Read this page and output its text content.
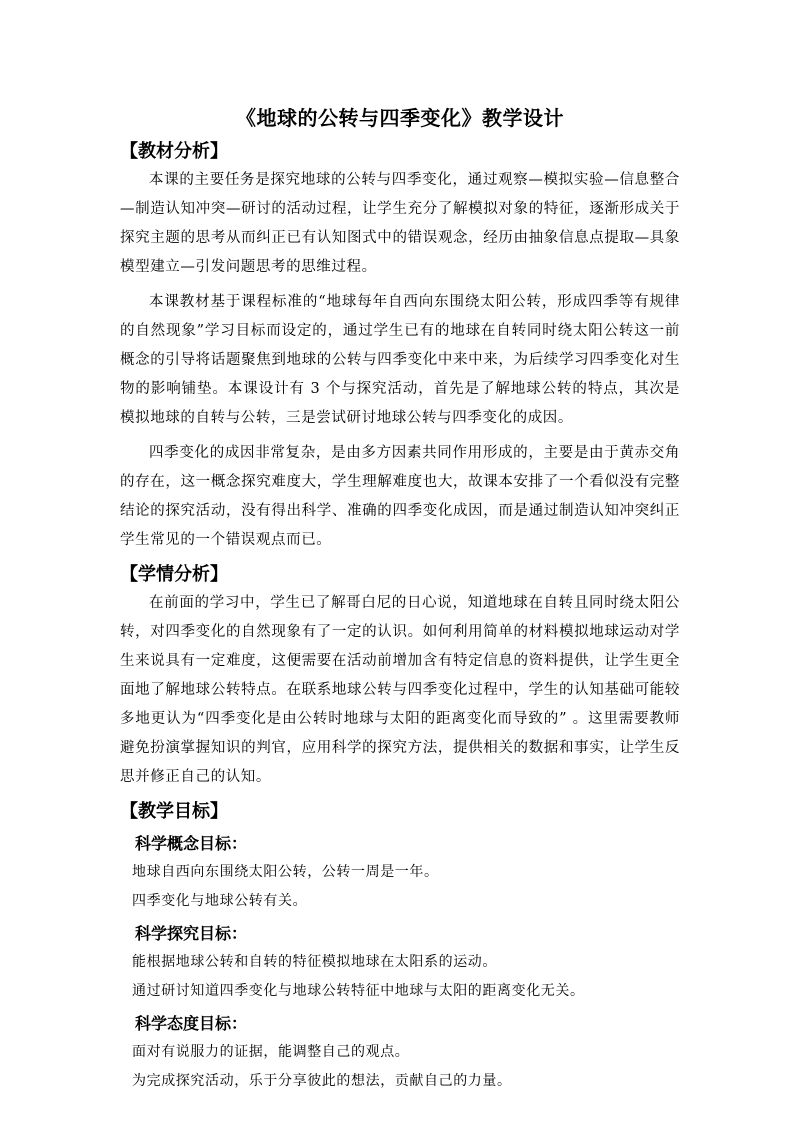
《地球的公转与四季变化》教学设计
【教材分析】

本课的主要任务是探究地球的公转与四季变化，通过观察—模拟实验—信息整合—制造认知冲突—研讨的活动过程，让学生充分了解模拟对象的特征，逐渐形成关于探究主题的思考从而纠正已有认知图式中的错误观念，经历由抽象信息点提取—具象模型建立—引发问题思考的思维过程。

本课教材基于课程标准的“地球每年自西向东围绕太阳公转，形成四季等有规律的自然现象”学习目标而设定的，通过学生已有的地球在自转同时绕太阳公转这一前概念的引导将话题聚焦到地球的公转与四季变化中来中来，为后续学习四季变化对生物的影响铺垫。本课设计有 3 个与探究活动，首先是了解地球公转的特点，其次是模拟地球的自转与公转，三是尝试研讨地球公转与四季变化的成因。

四季变化的成因非常复杂，是由多方因素共同作用形成的，主要是由于黄赤交角的存在，这一概念探究难度大，学生理解难度也大，故课本安排了一个看似没有完整结论的探究活动，没有得出科学、准确的四季变化成因，而是通过制造认知冲突纠正学生常见的一个错误观点而已。

【学情分析】

在前面的学习中，学生已了解哥白尼的日心说，知道地球在自转且同时绕太阳公转，对四季变化的自然现象有了一定的认识。如何利用简单的材料模拟地球运动对学生来说具有一定难度，这便需要在活动前增加含有特定信息的资料提供，让学生更全面地了解地球公转特点。在联系地球公转与四季变化过程中，学生的认知基础可能较多地更认为“四季变化是由公转时地球与太阳的距离变化而导致的” 。这里需要教师避免扮演掌握知识的判官，应用科学的探究方法，提供相关的数据和事实，让学生反思并修正自己的认知。

【教学目标】
科学概念目标：

地球自西向东围绕太阳公转，公转一周是一年。

四季变化与地球公转有关。

科学探究目标：

能根据地球公转和自转的特征模拟地球在太阳系的运动。

通过研讨知道四季变化与地球公转特征中地球与太阳的距离变化无关。

科学态度目标：

面对有说服力的证据，能调整自己的观点。

为完成探究活动，乐于分享彼此的想法，贡献自己的力量。
